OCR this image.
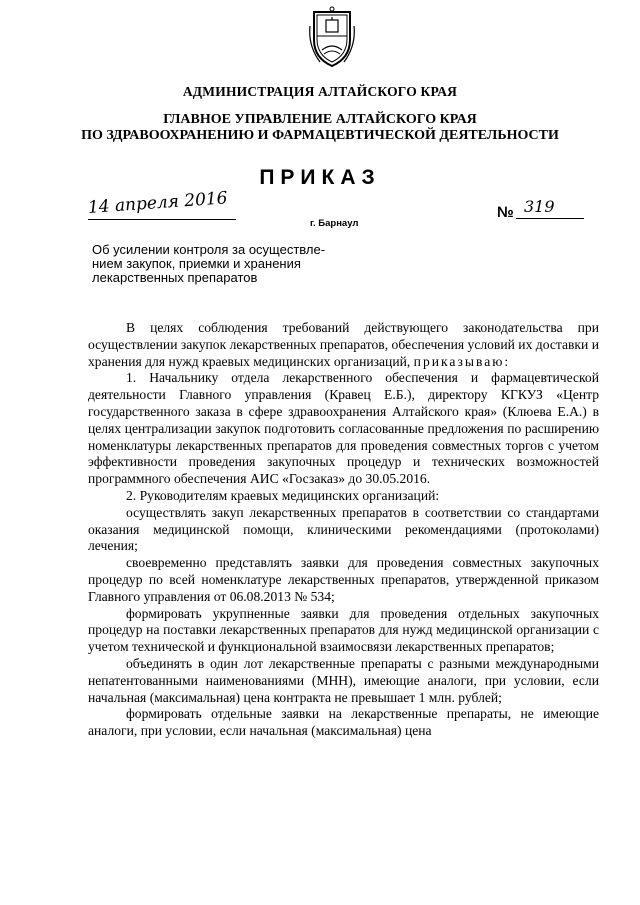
АДМИНИСТРАЦИЯ АЛТАЙСКОГО КРАЯ
ГЛАВНОЕ УПРАВЛЕНИЕ АЛТАЙСКОГО КРАЯ
ПО ЗДРАВООХРАНЕНИЮ И ФАРМАЦЕВТИЧЕСКОЙ ДЕЯТЕЛЬНОСТИ
ПРИКАЗ
14 апреля 2016
г. Барнаул
№ 319
Об усилении контроля за осуществле-
нием закупок, приемки и хранения
лекарственных препаратов

В целях соблюдения требований действующего законодательства при осуществлении закупок лекарственных препаратов, обеспечения условий их доставки и хранения для нужд краевых медицинских организаций, приказываю:

1. Начальнику отдела лекарственного обеспечения и фармацевтической деятельности Главного управления (Кравец Е.Б.), директору КГКУЗ «Центр государственного заказа в сфере здравоохранения Алтайского края» (Клюева Е.А.) в целях централизации закупок подготовить согласованные предложения по расширению номенклатуры лекарственных препаратов для проведения совместных торгов с учетом эффективности проведения закупочных процедур и технических возможностей программного обеспечения АИС «Госзаказ» до 30.05.2016.

2. Руководителям краевых медицинских организаций:

осуществлять закуп лекарственных препаратов в соответствии со стандартами оказания медицинской помощи, клиническими рекомендациями (протоколами) лечения;

своевременно представлять заявки для проведения совместных закупочных процедур по всей номенклатуре лекарственных препаратов, утвержденной приказом Главного управления от 06.08.2013 № 534;

формировать укрупненные заявки для проведения отдельных закупочных процедур на поставки лекарственных препаратов для нужд медицинской организации с учетом технической и функциональной взаимосвязи лекарственных препаратов;

объединять в один лот лекарственные препараты с разными международными непатентованными наименованиями (МНН), имеющие аналоги, при условии, если начальная (максимальная) цена контракта не превышает 1 млн. рублей;

формировать отдельные заявки на лекарственные препараты, не имеющие аналоги, при условии, если начальная (максимальная) цена
